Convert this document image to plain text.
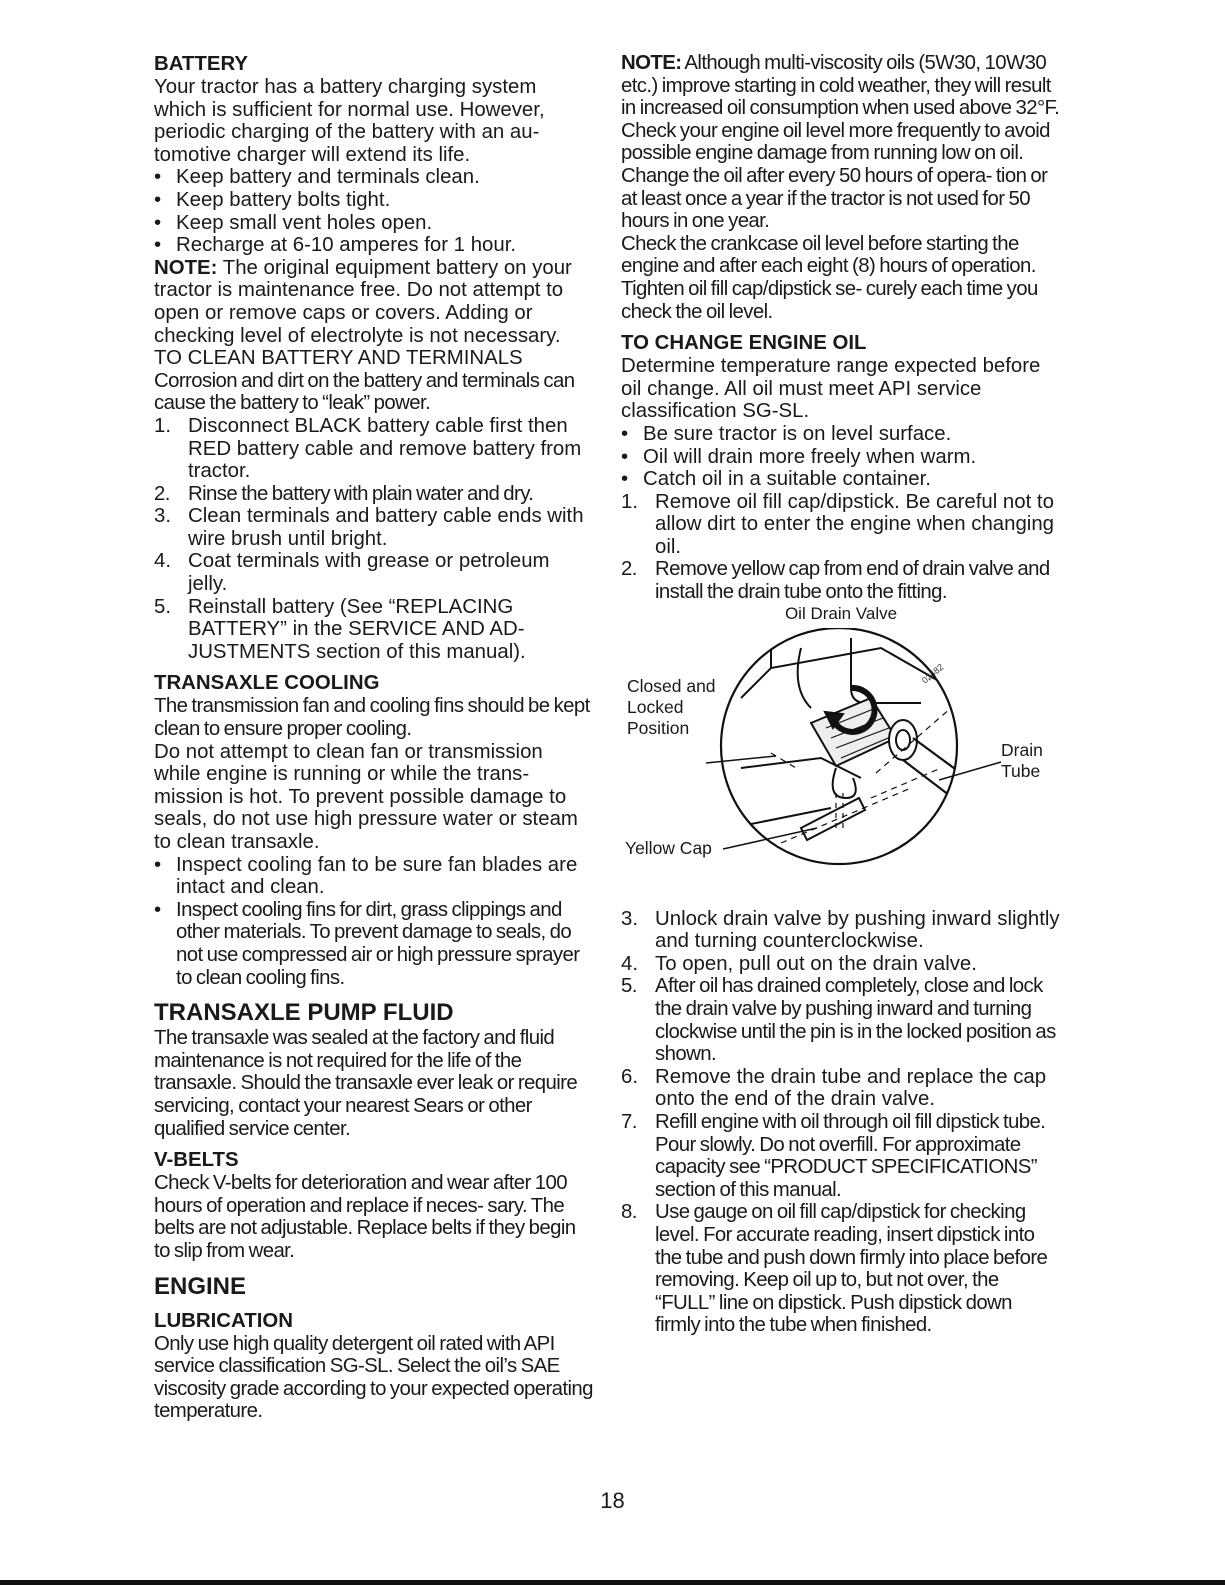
BATTERY

Your tractor has a battery charging system which is sufficient for normal use. However, periodic charging of the battery with an au- tomotive charger will extend its life.

• Keep battery and terminals clean.
• Keep battery bolts tight.
• Keep small vent holes open.
• Recharge at 6-10 amperes for 1 hour.

NOTE: The original equipment battery on your tractor is maintenance free. Do not attempt to open or remove caps or covers. Adding or checking level of electrolyte is not necessary.

TO CLEAN BATTERY AND TERMINALS

Corrosion and dirt on the battery and terminals can cause the battery to “leak” power.

1. Disconnect BLACK battery cable first then RED battery cable and remove battery from tractor.
2. Rinse the battery with plain water and dry.
3. Clean terminals and battery cable ends with wire brush until bright.
4. Coat terminals with grease or petroleum jelly.
5. Reinstall battery (See “REPLACING BATTERY” in the SERVICE AND AD- JUSTMENTS section of this manual).
TRANSAXLE COOLING

The transmission fan and cooling fins should be kept clean to ensure proper cooling.

Do not attempt to clean fan or transmission while engine is running or while the trans- mission is hot. To prevent possible damage to seals, do not use high pressure water or steam to clean transaxle.

• Inspect cooling fan to be sure fan blades are intact and clean.
• Inspect cooling fins for dirt, grass clippings and other materials. To prevent damage to seals, do not use compressed air or high pressure sprayer to clean cooling fins.
TRANSAXLE PUMP FLUID

The transaxle was sealed at the factory and fluid maintenance is not required for the life of the transaxle. Should the transaxle ever leak or require servicing, contact your nearest Sears or other qualified service center.

V-BELTS

Check V-belts for deterioration and wear after 100 hours of operation and replace if neces- sary. The belts are not adjustable. Replace belts if they begin to slip from wear.

ENGINE
LUBRICATION

Only use high quality detergent oil rated with API service classification SG-SL. Select the oil’s SAE viscosity grade according to your expected operating temperature.

NOTE: Although multi-viscosity oils (5W30, 10W30 etc.) improve starting in cold weather, they will result in increased oil consumption when used above 32°F. Check your engine oil level more frequently to avoid possible engine damage from running low on oil.

Change the oil after every 50 hours of opera- tion or at least once a year if the tractor is not used for 50 hours in one year.

Check the crankcase oil level before starting the engine and after each eight (8) hours of operation. Tighten oil fill cap/dipstick se- curely each time you check the oil level.

TO CHANGE ENGINE OIL

Determine temperature range expected before oil change. All oil must meet API service classification SG-SL.

• Be sure tractor is on level surface.
• Oil will drain more freely when warm.
• Catch oil in a suitable container.
1. Remove oil fill cap/dipstick. Be careful not to allow dirt to enter the engine when changing oil.
2. Remove yellow cap from end of drain valve and install the drain tube onto the fitting.
Oil Drain Valve
02482
Closed and Locked Position
Drain Tube
Yellow Cap
3. Unlock drain valve by pushing inward slightly and turning counterclockwise.
4. To open, pull out on the drain valve.
5. After oil has drained completely, close and lock the drain valve by pushing inward and turning clockwise until the pin is in the locked position as shown.
6. Remove the drain tube and replace the cap onto the end of the drain valve.
7. Refill engine with oil through oil fill dipstick tube. Pour slowly. Do not overfill. For approximate capacity see “PRODUCT SPECIFICATIONS” section of this manual.
8. Use gauge on oil fill cap/dipstick for checking level. For accurate reading, insert dipstick into the tube and push down firmly into place before removing. Keep oil up to, but not over, the “FULL” line on dipstick. Push dipstick down firmly into the tube when finished.
18
